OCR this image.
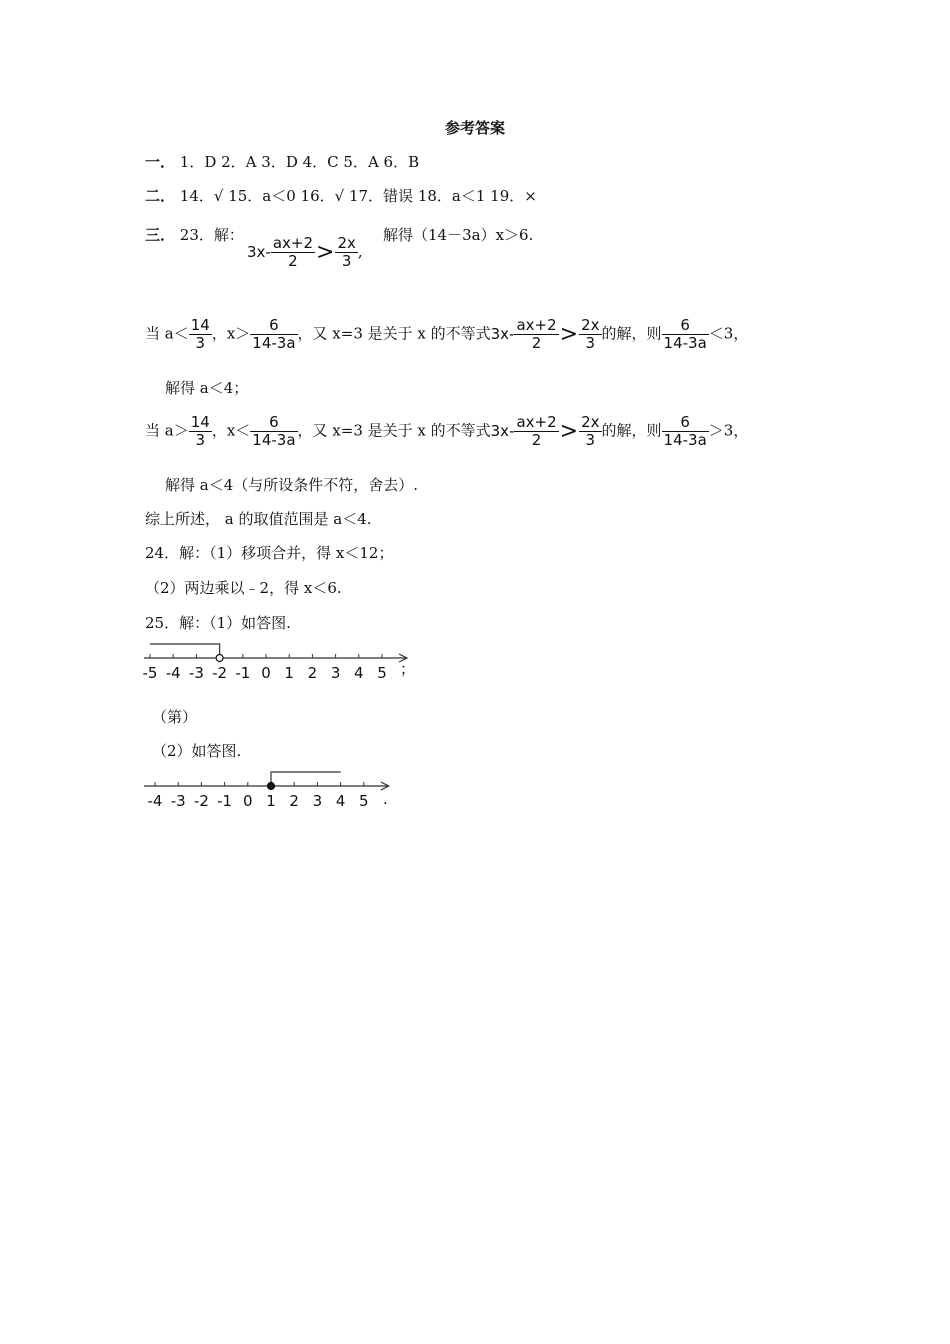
参考答案
一． 1．D 2．A 3．D 4．C 5．A 6．B
二． 14．√ 15．a＜0 16．√ 17．错误 18．a＜1 19．×
三． 23．解：
$3x- \frac{ax+2}{2} > \frac{2x}{3}$ ,
解得（14－3a）x＞6.
当 $a< \frac{14}{3}$ ，$x> \frac{6}{14-3a}$ ，又 x=3 是关于 x 的不等式$3x- \frac{ax+2}{2} > \frac{2x}{3}$ 的解，则 $\frac{6}{14-3a} <3$，
解得 a＜4；
当 $a> \frac{14}{3}$ ，$x< \frac{6}{14-3a}$ ，又 x=3 是关于 x 的不等式$3x- \frac{ax+2}{2} > \frac{2x}{3}$ 的解，则 $\frac{6}{14-3a} >3$，
解得 a＜4（与所设条件不符，舍去）.
综上所述， a 的取值范围是 a＜4.
24．解：（1）移项合并，得 x＜12；
（2）两边乘以﹣2，得 x＜6.
25．解：（1）如答图.
-5 -4 -3 -2 -1 0 1 2 3 4 5 ；
（第）
（2）如答图.
-4 -3 -2 -1 0 1 2 3 4 5 .
